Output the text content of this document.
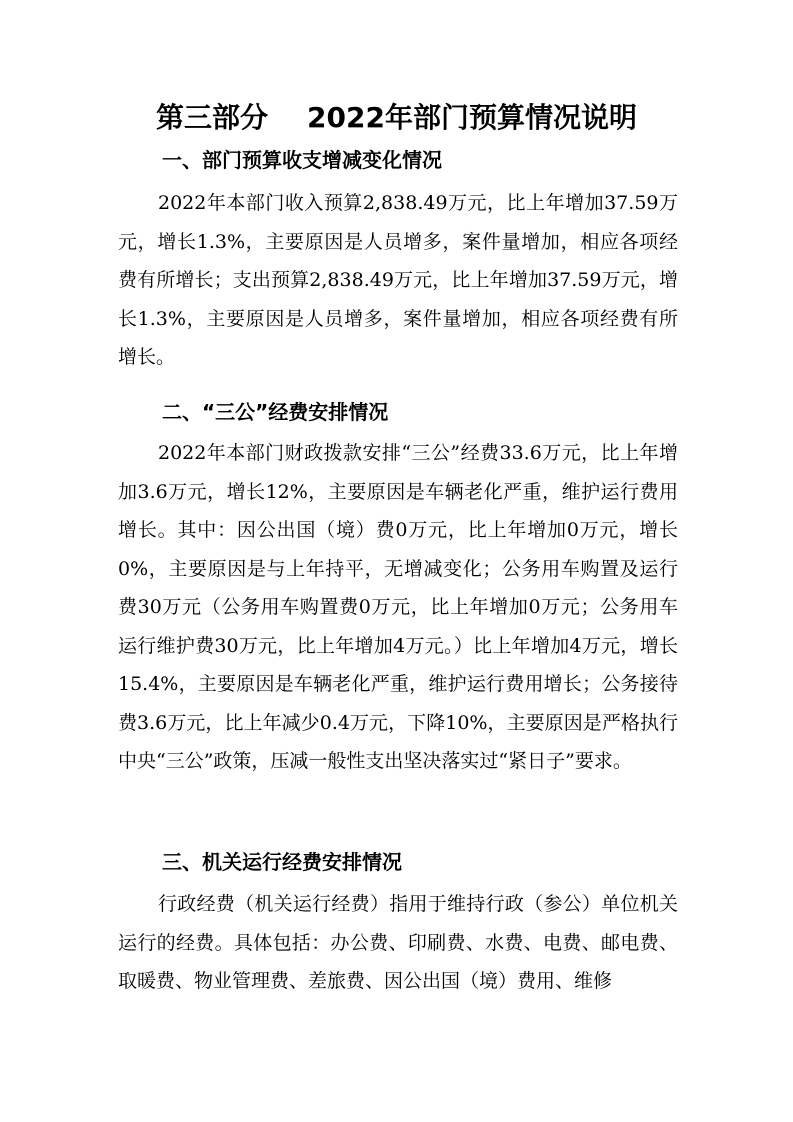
第三部分    2022年部门预算情况说明
一、部门预算收支增减变化情况

2022年本部门收入预算2,838.49万元，比上年增加37.59万元，增长1.3%，主要原因是人员增多，案件量增加，相应各项经费有所增长；支出预算2,838.49万元，比上年增加37.59万元，增长1.3%，主要原因是人员增多，案件量增加，相应各项经费有所增长。

二、“三公”经费安排情况

2022年本部门财政拨款安排“三公”经费33.6万元，比上年增加3.6万元，增长12%，主要原因是车辆老化严重，维护运行费用增长。其中：因公出国（境）费0万元，比上年增加0万元，增长0%，主要原因是与上年持平，无增减变化；公务用车购置及运行费30万元（公务用车购置费0万元，比上年增加0万元；公务用车运行维护费30万元，比上年增加4万元。）比上年增加4万元，增长15.4%，主要原因是车辆老化严重，维护运行费用增长；公务接待费3.6万元，比上年减少0.4万元，下降10%，主要原因是严格执行中央“三公”政策，压减一般性支出坚决落实过“紧日子”要求。

三、机关运行经费安排情况

行政经费（机关运行经费）指用于维持行政（参公）单位机关运行的经费。具体包括：办公费、印刷费、水费、电费、邮电费、取暖费、物业管理费、差旅费、因公出国（境）费用、维修
